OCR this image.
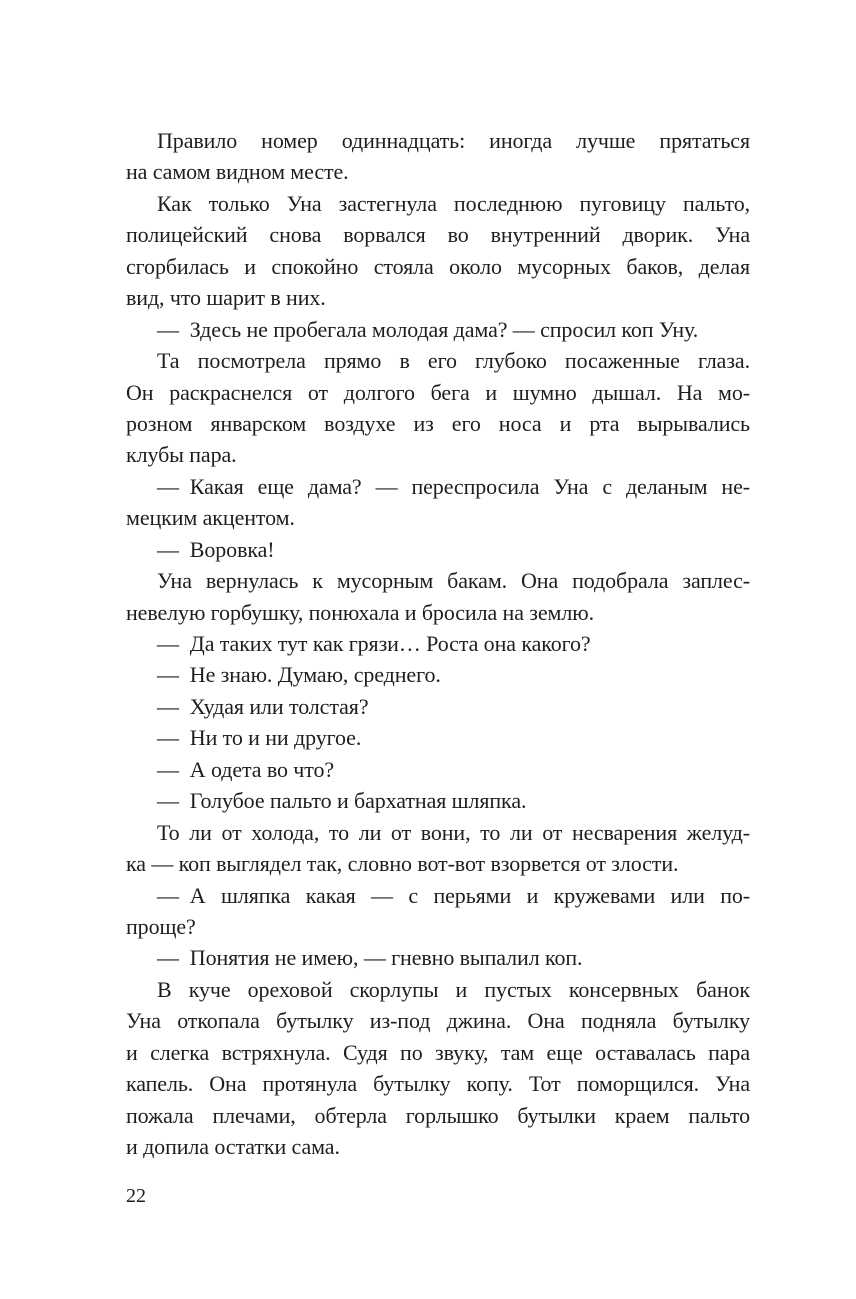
Правило номер одиннадцать: иногда лучше прятаться
на самом видном месте.
Как только Уна застегнула последнюю пуговицу пальто,
полицейский снова ворвался во внутренний дворик. Уна
сгорбилась и спокойно стояла около мусорных баков, делая
вид, что шарит в них.
— Здесь не пробегала молодая дама? — спросил коп Уну.
Та посмотрела прямо в его глубоко посаженные глаза.
Он раскраснелся от долгого бега и шумно дышал. На мо-
розном январском воздухе из его носа и рта вырывались
клубы пара.
— Какая еще дама? — переспросила Уна с деланым не-
мецким акцентом.
— Воровка!
Уна вернулась к мусорным бакам. Она подобрала заплес-
невелую горбушку, понюхала и бросила на землю.
— Да таких тут как грязи… Роста она какого?
— Не знаю. Думаю, среднего.
— Худая или толстая?
— Ни то и ни другое.
— А одета во что?
— Голубое пальто и бархатная шляпка.
То ли от холода, то ли от вони, то ли от несварения желуд-
ка — коп выглядел так, словно вот-вот взорвется от злости.
— А шляпка какая — с перьями и кружевами или по-
проще?
— Понятия не имею, — гневно выпалил коп.
В куче ореховой скорлупы и пустых консервных банок
Уна откопала бутылку из-под джина. Она подняла бутылку
и слегка встряхнула. Судя по звуку, там еще оставалась пара
капель. Она протянула бутылку копу. Тот поморщился. Уна
пожала плечами, обтерла горлышко бутылки краем пальто
и допила остатки сама.
22
